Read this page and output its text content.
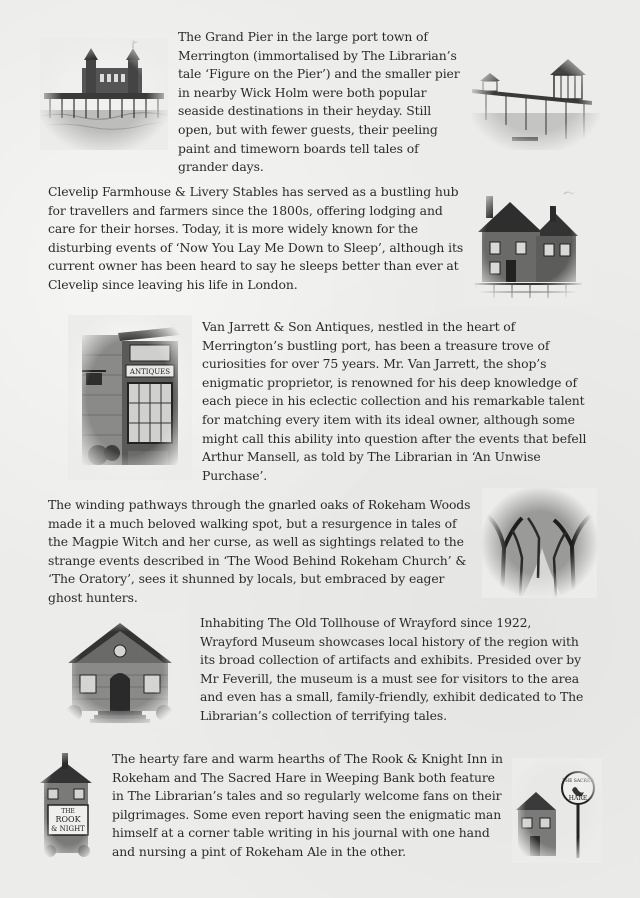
The Grand Pier in the large port town of Merrington (immortalised by The Librarian’s tale ‘Figure on the Pier’) and the smaller pier in nearby Wick Holm were both popular seaside destinations in their heyday. Still open, but with fewer guests, their peeling paint and timeworn boards tell tales of grander days.

Clevelip Farmhouse & Livery Stables has served as a bustling hub for travellers and farmers since the 1800s, offering lodging and care for their horses. Today, it is more widely known for the disturbing events of ‘Now You Lay Me Down to Sleep’, although its current owner has been heard to say he sleeps better than ever at Clevelip since leaving his life in London.

Van Jarrett & Son Antiques, nestled in the heart of Merrington’s bustling port, has been a treasure trove of curiosities for over 75 years. Mr. Van Jarrett, the shop’s enigmatic proprietor, is renowned for his deep knowledge of each piece in his eclectic collection and his remarkable talent for matching every item with its ideal owner, although some might call this ability into question after the events that befell Arthur Mansell, as told by The Librarian in ‘An Unwise Purchase’.

The winding pathways through the gnarled oaks of Rokeham Woods made it a much beloved walking spot, but a resurgence in tales of the Magpie Witch and her curse, as well as sightings related to the strange events described in ‘The Wood Behind Rokeham Church’ & ‘The Oratory’, sees it shunned by locals, but embraced by eager ghost hunters.

Inhabiting The Old Tollhouse of Wrayford since 1922, Wrayford Museum showcases local history of the region with its broad collection of artifacts and exhibits. Presided over by Mr Feverill, the museum is a must see for visitors to the area and even has a small, family-friendly, exhibit dedicated to The Librarian’s collection of terrifying tales.

The hearty fare and warm hearths of The Rook & Knight Inn in Rokeham and The Sacred Hare in Weeping Bank both feature in The Librarian’s tales and so regularly welcome fans on their pilgrimages. Some even report having seen the enigmatic man himself at a corner table writing in his journal with one hand and nursing a pint of Rokeham Ale in the other.
